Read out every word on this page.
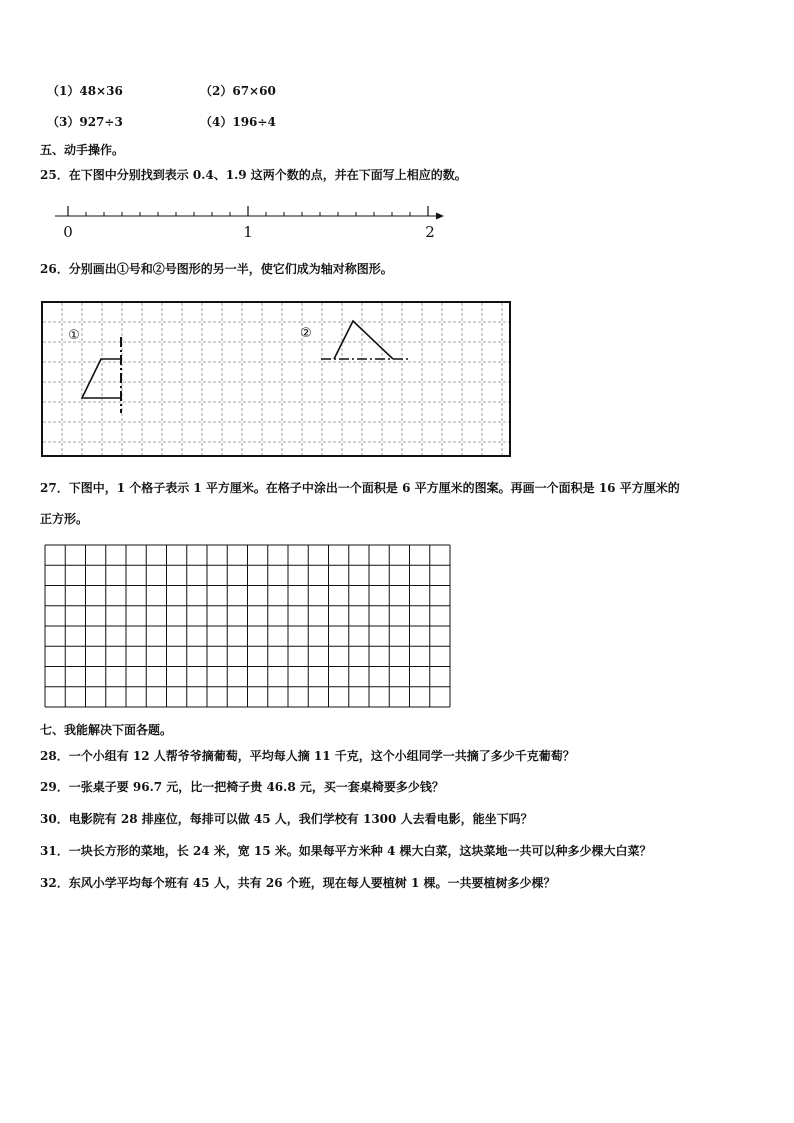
（1）48×36	（2）67×60
（3）927÷3	（4）196÷4
五、动手操作。
25．在下图中分别找到表示 0.4、1.9 这两个数的点，并在下面写上相应的数。
0	1	2
26．分别画出①号和②号图形的另一半，使它们成为轴对称图形。
①	②
27．下图中，1 个格子表示 1 平方厘米。在格子中涂出一个面积是 6 平方厘米的图案。再画一个面积是 16 平方厘米的
正方形。
七、我能解决下面各题。
28．一个小组有 12 人帮爷爷摘葡萄，平均每人摘 11 千克，这个小组同学一共摘了多少千克葡萄？
29．一张桌子要 96.7 元，比一把椅子贵 46.8 元，买一套桌椅要多少钱？
30．电影院有 28 排座位，每排可以做 45 人，我们学校有 1300 人去看电影，能坐下吗？
31．一块长方形的菜地，长 24 米，宽 15 米。如果每平方米种 4 棵大白菜，这块菜地一共可以种多少棵大白菜？
32．东风小学平均每个班有 45 人，共有 26 个班，现在每人要植树 1 棵。一共要植树多少棵？
